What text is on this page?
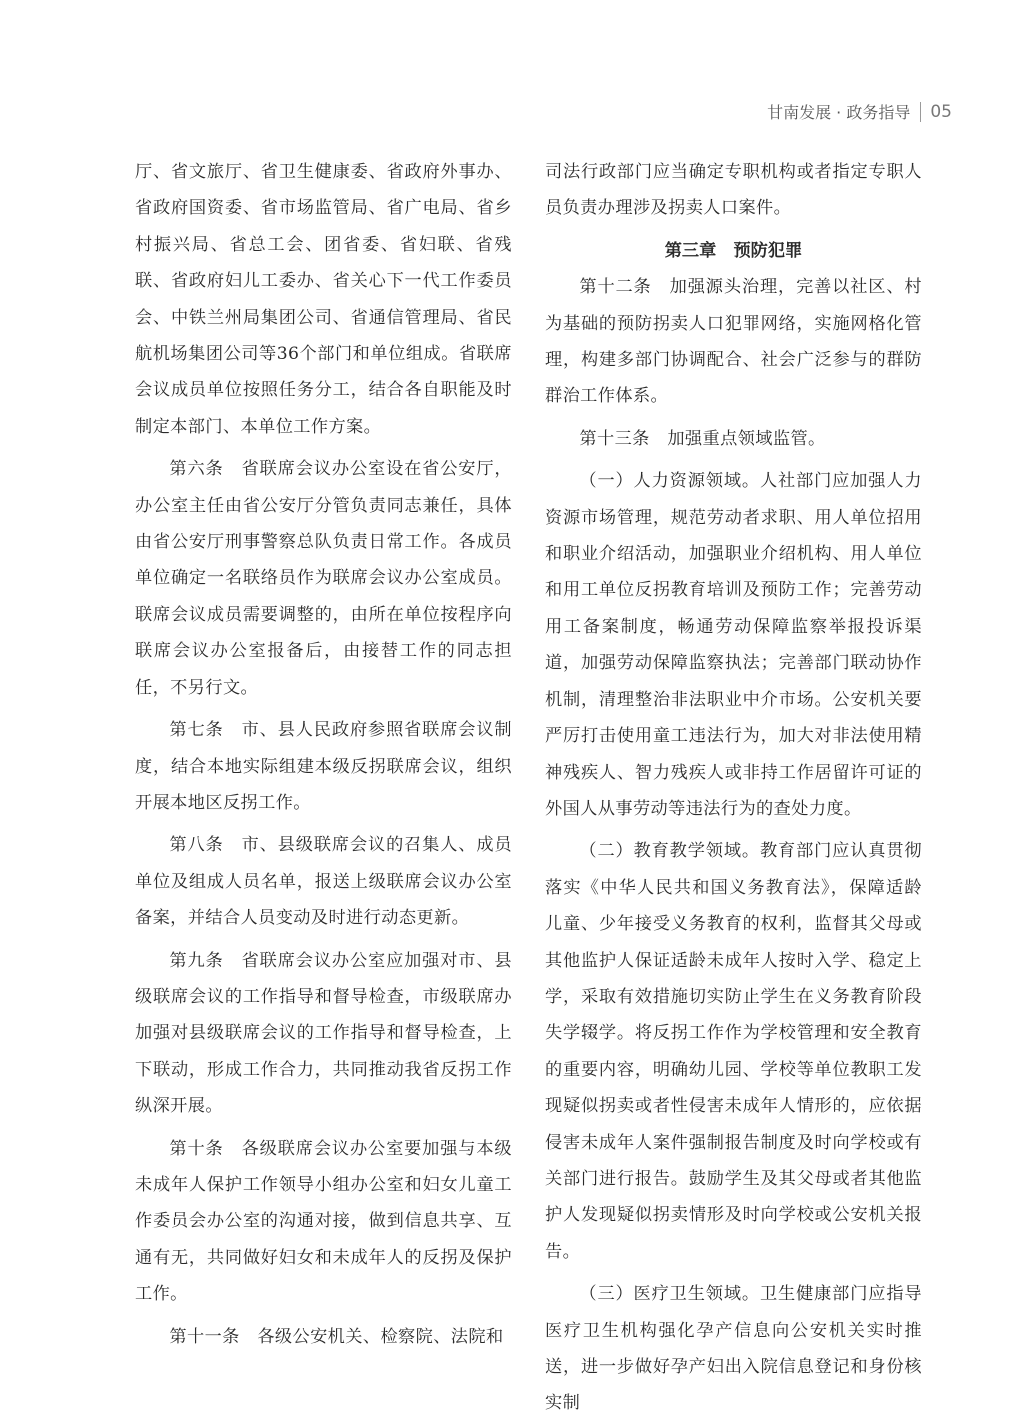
甘南发展 · 政务指导 05

厅、省文旅厅、省卫生健康委、省政府外事办、省政府国资委、省市场监管局、省广电局、省乡村振兴局、省总工会、团省委、省妇联、省残联、省政府妇儿工委办、省关心下一代工作委员会、中铁兰州局集团公司、省通信管理局、省民航机场集团公司等36个部门和单位组成。省联席会议成员单位按照任务分工，结合各自职能及时制定本部门、本单位工作方案。

第六条　省联席会议办公室设在省公安厅，办公室主任由省公安厅分管负责同志兼任，具体由省公安厅刑事警察总队负责日常工作。各成员单位确定一名联络员作为联席会议办公室成员。联席会议成员需要调整的，由所在单位按程序向联席会议办公室报备后，由接替工作的同志担任，不另行文。

第七条　市、县人民政府参照省联席会议制度，结合本地实际组建本级反拐联席会议，组织开展本地区反拐工作。

第八条　市、县级联席会议的召集人、成员单位及组成人员名单，报送上级联席会议办公室备案，并结合人员变动及时进行动态更新。

第九条　省联席会议办公室应加强对市、县级联席会议的工作指导和督导检查，市级联席办加强对县级联席会议的工作指导和督导检查，上下联动，形成工作合力，共同推动我省反拐工作纵深开展。

第十条　各级联席会议办公室要加强与本级未成年人保护工作领导小组办公室和妇女儿童工作委员会办公室的沟通对接，做到信息共享、互通有无，共同做好妇女和未成年人的反拐及保护工作。

第十一条　各级公安机关、检察院、法院和

司法行政部门应当确定专职机构或者指定专职人员负责办理涉及拐卖人口案件。

第三章　预防犯罪

第十二条　加强源头治理，完善以社区、村为基础的预防拐卖人口犯罪网络，实施网格化管理，构建多部门协调配合、社会广泛参与的群防群治工作体系。

第十三条　加强重点领域监管。

（一）人力资源领域。人社部门应加强人力资源市场管理，规范劳动者求职、用人单位招用和职业介绍活动，加强职业介绍机构、用人单位和用工单位反拐教育培训及预防工作；完善劳动用工备案制度，畅通劳动保障监察举报投诉渠道，加强劳动保障监察执法；完善部门联动协作机制，清理整治非法职业中介市场。公安机关要严厉打击使用童工违法行为，加大对非法使用精神残疾人、智力残疾人或非持工作居留许可证的外国人从事劳动等违法行为的查处力度。

（二）教育教学领域。教育部门应认真贯彻落实《中华人民共和国义务教育法》，保障适龄儿童、少年接受义务教育的权利，监督其父母或其他监护人保证适龄未成年人按时入学、稳定上学，采取有效措施切实防止学生在义务教育阶段失学辍学。将反拐工作作为学校管理和安全教育的重要内容，明确幼儿园、学校等单位教职工发现疑似拐卖或者性侵害未成年人情形的，应依据侵害未成年人案件强制报告制度及时向学校或有关部门进行报告。鼓励学生及其父母或者其他监护人发现疑似拐卖情形及时向学校或公安机关报告。

（三）医疗卫生领域。卫生健康部门应指导医疗卫生机构强化孕产信息向公安机关实时推送，进一步做好孕产妇出入院信息登记和身份核实制
